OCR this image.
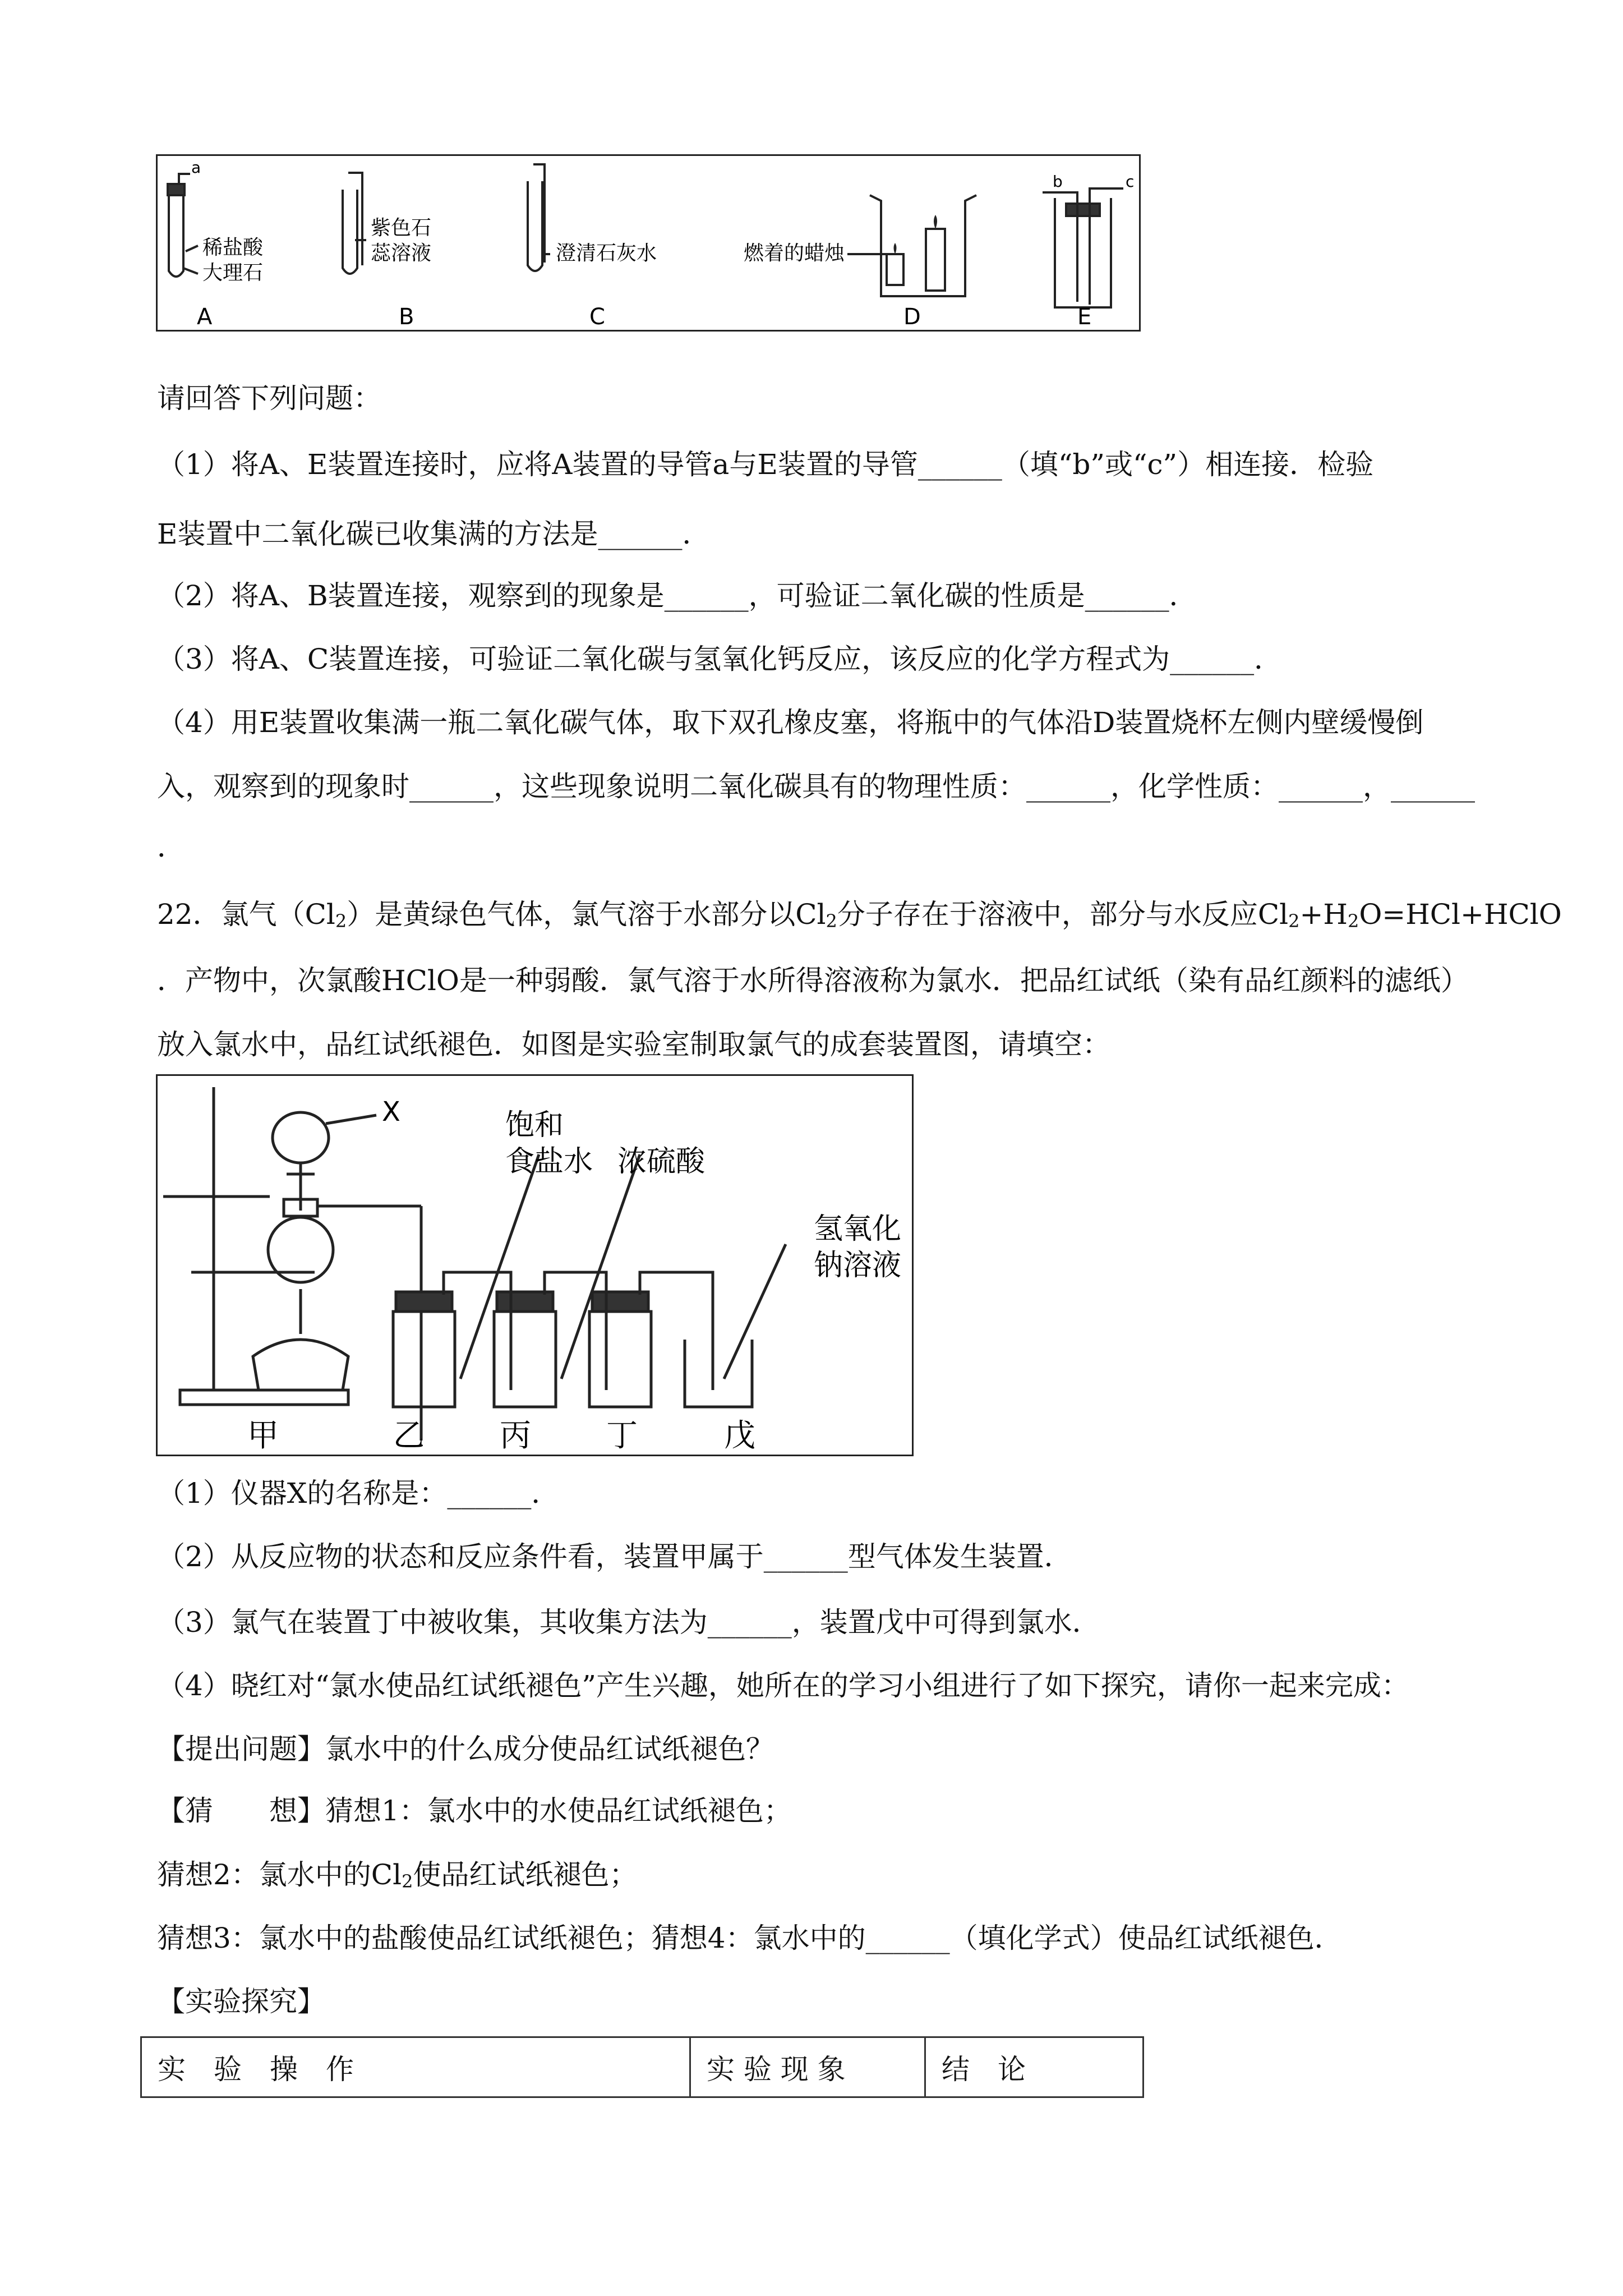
a
稀盐酸
大理石
紫色石
蕊溶液	澄清石灰水	燃着的蜡烛
b	c
A	B	C	D	E
请回答下列问题：
（1）将A、E装置连接时，应将A装置的导管a与E装置的导管______（填“b”或“c”）相连接．检验
E装置中二氧化碳已收集满的方法是______．
（2）将A、B装置连接，观察到的现象是______，可验证二氧化碳的性质是______．
（3）将A、C装置连接，可验证二氧化碳与氢氧化钙反应，该反应的化学方程式为______．
（4）用E装置收集满一瓶二氧化碳气体，取下双孔橡皮塞，将瓶中的气体沿D装置烧杯左侧内壁缓慢倒
入，观察到的现象时______，这些现象说明二氧化碳具有的物理性质：______，化学性质：______，______
．
22．氯气$(Cl_2)$是黄绿色气体，氯气溶于水部分以$Cl_2$分子存在于溶液中，部分与水反应$Cl_2+H_2O=HCl+HClO$
．产物中，次氯酸HClO是一种弱酸．氯气溶于水所得溶液称为氯水．把品红试纸（染有品红颜料的滤纸）
放入氯水中，品红试纸褪色．如图是实验室制取氯气的成套装置图，请填空：
X	饱和
食盐水 浓硫酸
氢氧化
钠溶液
甲	乙 丙 丁	戊
（1）仪器X的名称是：______．
（2）从反应物的状态和反应条件看，装置甲属于______型气体发生装置．
（3）氯气在装置丁中被收集，其收集方法为______，装置戊中可得到氯水．
（4）晓红对“氯水使品红试纸褪色”产生兴趣，她所在的学习小组进行了如下探究，请你一起来完成：
【提出问题】氯水中的什么成分使品红试纸褪色？
【猜　　想】猜想1：氯水中的水使品红试纸褪色；
猜想2：氯水中的$Cl_2$使品红试纸褪色；
猜想3：氯水中的盐酸使品红试纸褪色；猜想4：氯水中的______（填化学式）使品红试纸褪色．
【实验探究】
实　验　操　作	实 验 现 象	结　论
